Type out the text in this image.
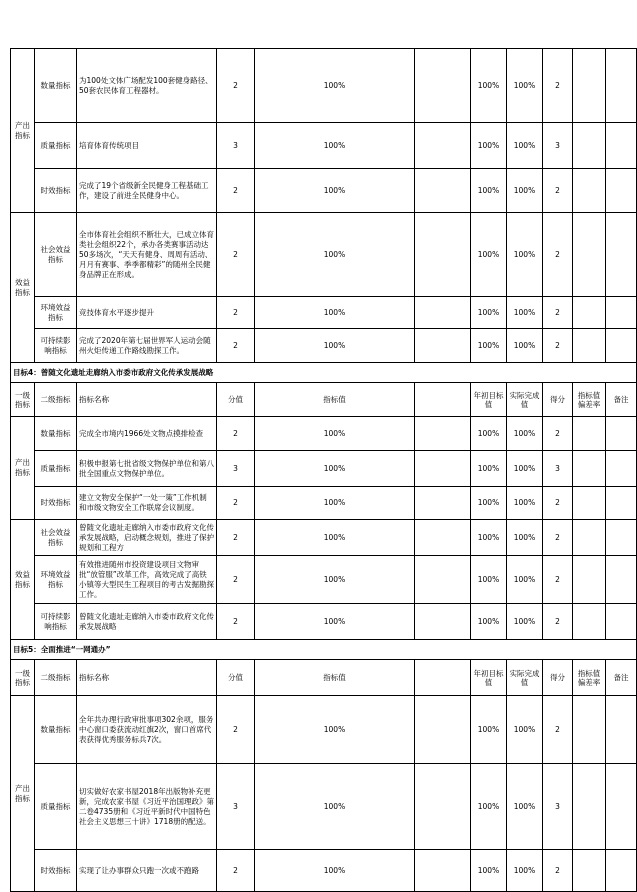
产出指标	数量指标	为100处文体广场配发100套健身路径、50套农民体育工程器材。	2	100%		100%	100%	2		
	质量指标	培育体育传统项目	3	100%		100%	100%	3		
	时效指标	完成了19个省级新全民健身工程基础工作，建设了前进全民健身中心。	2	100%		100%	100%	2		
效益指标	社会效益指标	全市体育社会组织不断壮大，已成立体育类社会组织22个，承办各类赛事活动达50多场次，“天天有健身、周周有活动、月月有赛事、季季都精彩”的随州全民健身品牌正在形成。	2	100%		100%	100%	2		
	环境效益指标	竞技体育水平逐步提升	2	100%		100%	100%	2		
	可持续影响指标	完成了2020年第七届世界军人运动会随州火炬传递工作路线勘探工作。	2	100%		100%	100%	2		
目标4：曾随文化遗址走廊纳入市委市政府文化传承发展战略										
一级指标	二级指标	指标名称	分值	指标值		年初目标值	实际完成值	得分	指标值偏差率	备注
产出指标	数量指标	完成全市境内1966处文物点摸排检查	2	100%		100%	100%	2		
	质量指标	积极申报第七批省级文物保护单位和第八批全国重点文物保护单位。	3	100%		100%	100%	3		
	时效指标	建立文物安全保护“一处一策”工作机制和市级文物安全工作联席会议制度。	2	100%		100%	100%	2		
效益指标	社会效益指标	曾随文化遗址走廊纳入市委市政府文化传承发展战略，启动概念规划，推进了保护规划和工程方	2	100%		100%	100%	2		
	环境效益指标	有效推进随州市投资建设项目文物审批“放管服”改革工作，高效完成了高铁小镇等大型民生工程项目的考古发掘勘探工作。	2	100%		100%	100%	2		
	可持续影响指标	曾随文化遗址走廊纳入市委市政府文化传承发展战略	2	100%		100%	100%	2		
目标5：全面推进“一网通办”										
一级指标	二级指标	指标名称	分值	指标值		年初目标值	实际完成值	得分	指标值偏差率	备注
产出指标	数量指标	全年共办理行政审批事项302余项，服务中心窗口委获流动红旗2次，窗口首席代表获得优秀服务标兵7次。	2	100%		100%	100%	2		
	质量指标	切实做好农家书屋2018年出版物补充更新，完成农家书屋《习近平治国理政》第二卷4735册和《习近平新时代中国特色社会主义思想三十讲》1718册的配送。	3	100%		100%	100%	3		
	时效指标	实现了让办事群众只跑一次或不跑路	2	100%		100%	100%	2		
